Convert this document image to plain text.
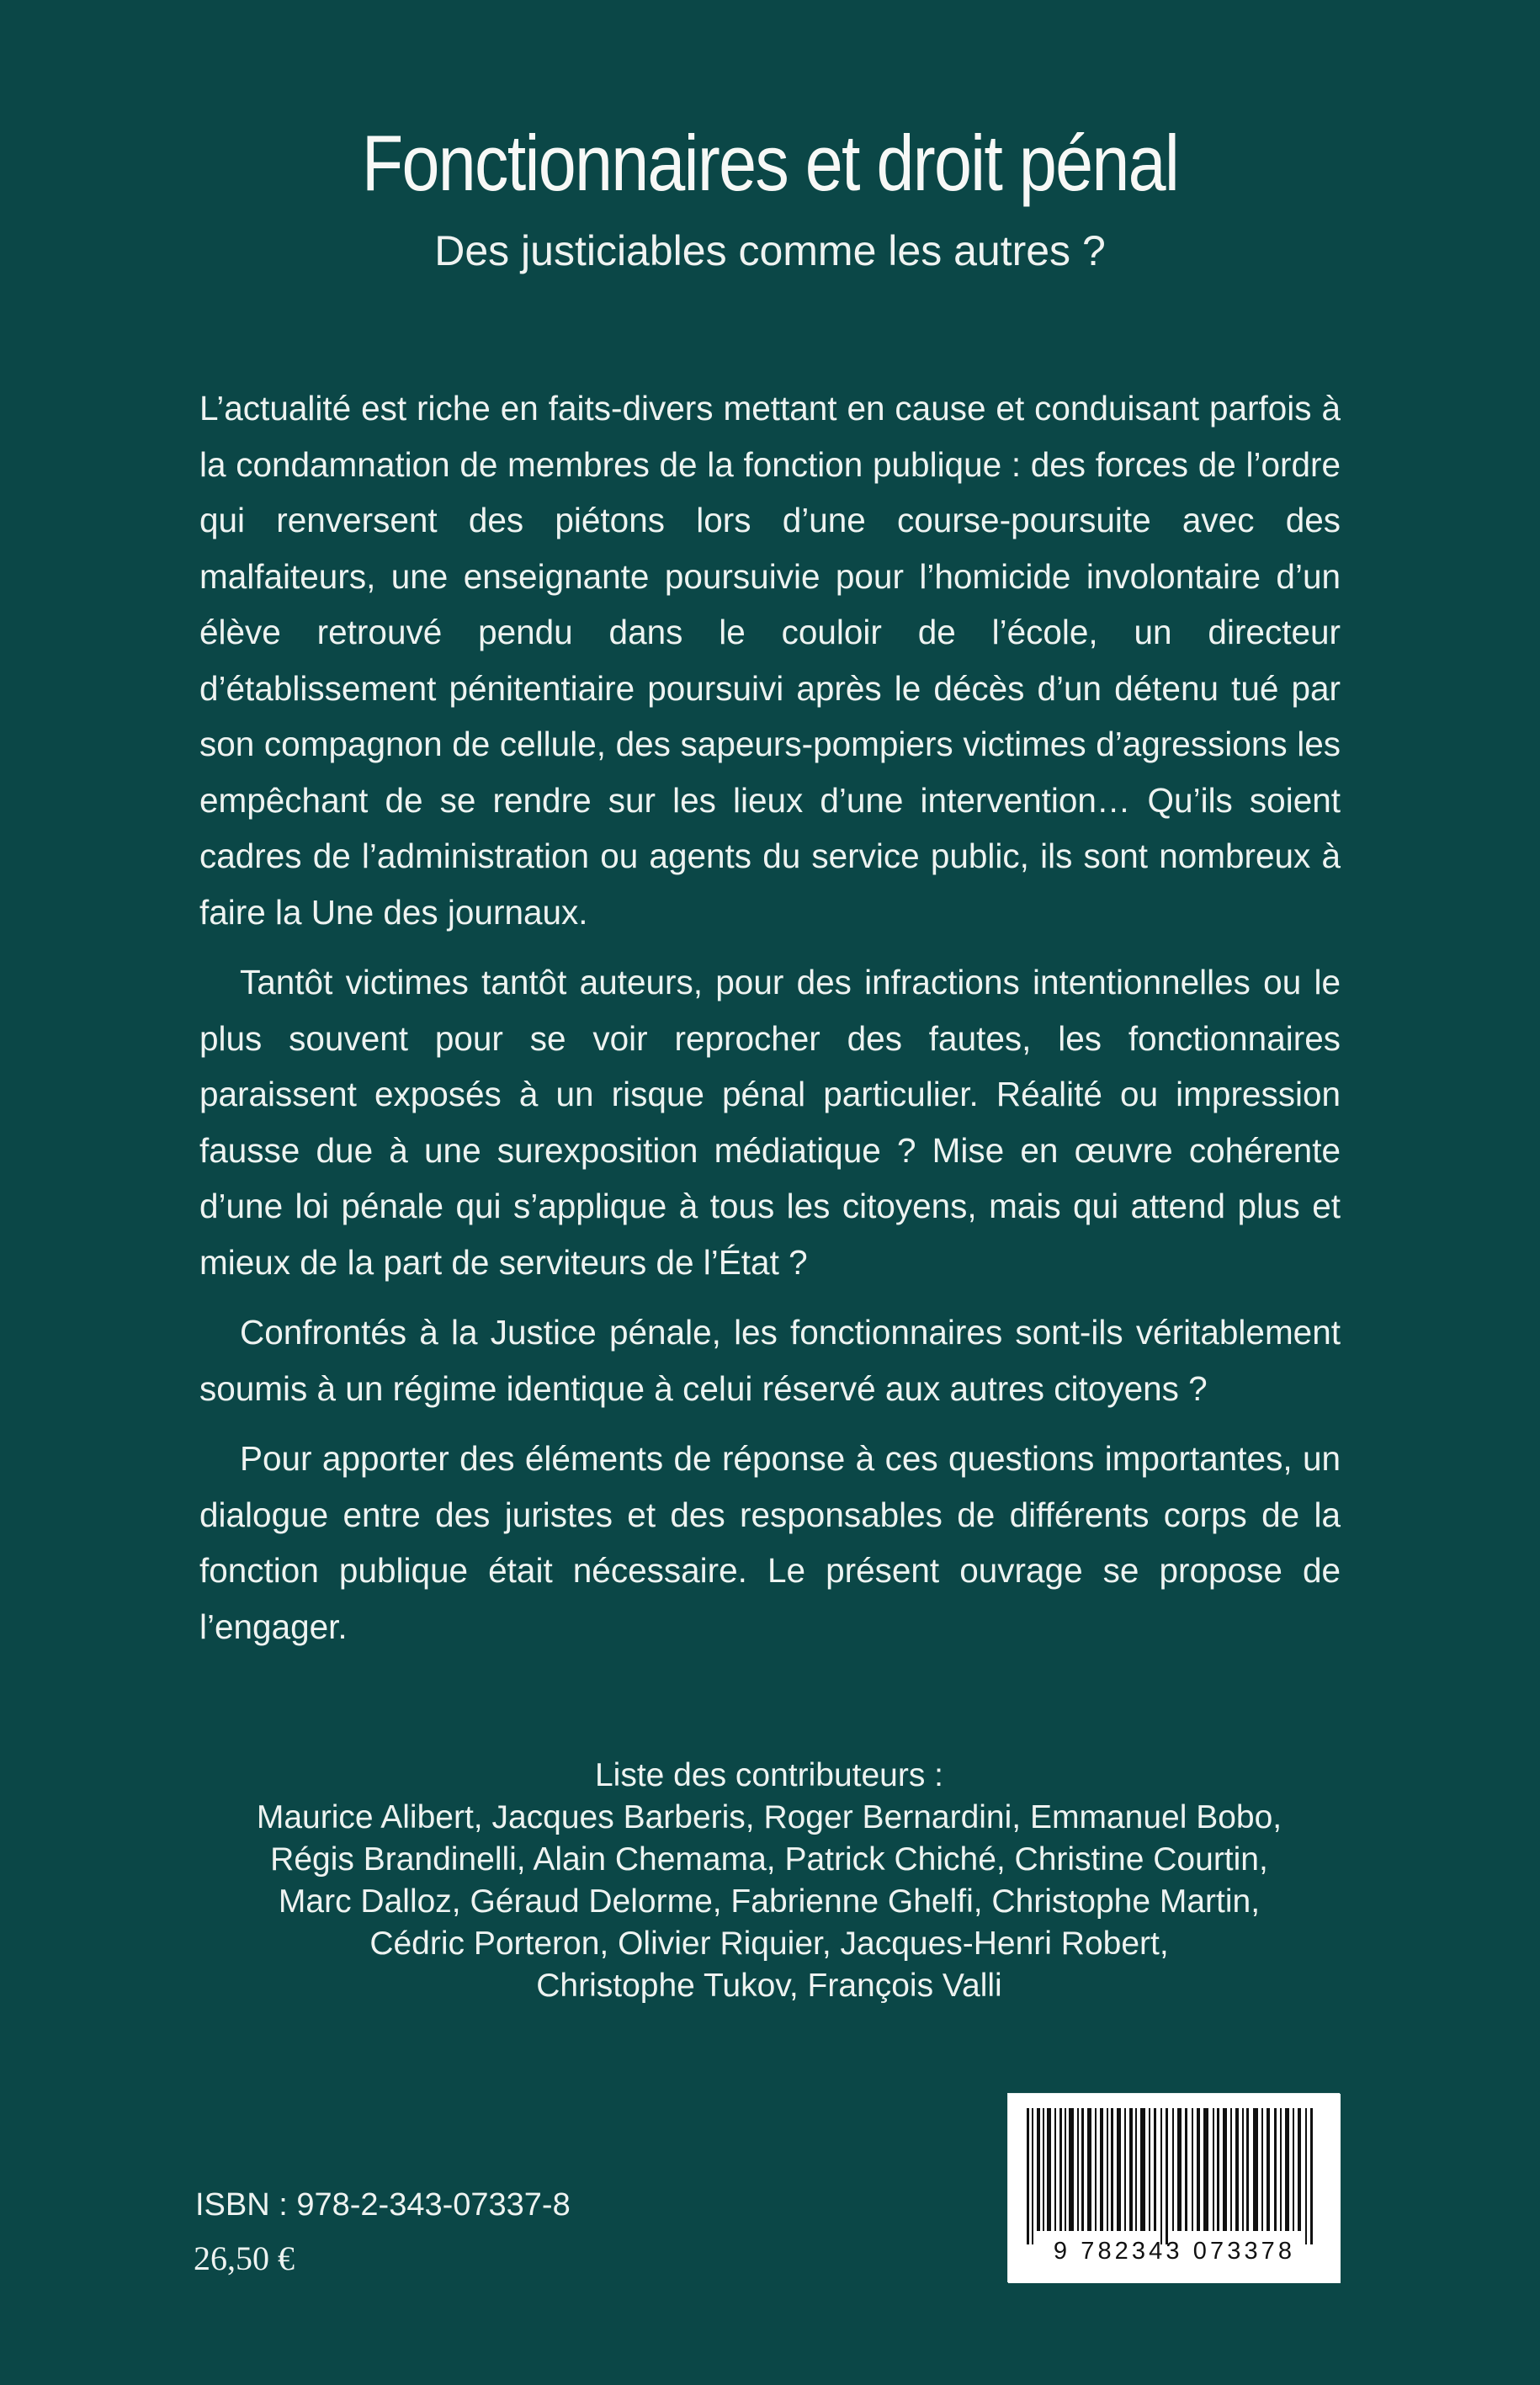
Fonctionnaires et droit pénal
Des justiciables comme les autres ?

L’actualité est riche en faits-divers mettant en cause et conduisant parfois à la condamnation de membres de la fonction publique : des forces de l’ordre qui renversent des piétons lors d’une course-poursuite avec des malfaiteurs, une enseignante poursuivie pour l’homicide involontaire d’un élève retrouvé pendu dans le couloir de l’école, un directeur d’établissement pénitentiaire poursuivi après le décès d’un détenu tué par son compagnon de cellule, des sapeurs-pompiers victimes d’agressions les empêchant de se rendre sur les lieux d’une intervention… Qu’ils soient cadres de l’administration ou agents du service public, ils sont nombreux à faire la Une des journaux.

Tantôt victimes tantôt auteurs, pour des infractions intentionnelles ou le plus souvent pour se voir reprocher des fautes, les fonctionnaires paraissent exposés à un risque pénal particulier. Réalité ou impression fausse due à une surexposition médiatique ? Mise en œuvre cohérente d’une loi pénale qui s’applique à tous les citoyens, mais qui attend plus et mieux de la part de serviteurs de l’État ?

Confrontés à la Justice pénale, les fonctionnaires sont-ils véritablement soumis à un régime identique à celui réservé aux autres citoyens ?

Pour apporter des éléments de réponse à ces questions importantes, un dialogue entre des juristes et des responsables de différents corps de la fonction publique était nécessaire. Le présent ouvrage se propose de l’engager.

Liste des contributeurs :
Maurice Alibert, Jacques Barberis, Roger Bernardini, Emmanuel Bobo,
Régis Brandinelli, Alain Chemama, Patrick Chiché, Christine Courtin,
Marc Dalloz, Géraud Delorme, Fabrienne Ghelfi, Christophe Martin,
Cédric Porteron, Olivier Riquier, Jacques-Henri Robert,
Christophe Tukov, François Valli
ISBN : 978-2-343-07337-8
26,50 €	9 782343 073378
